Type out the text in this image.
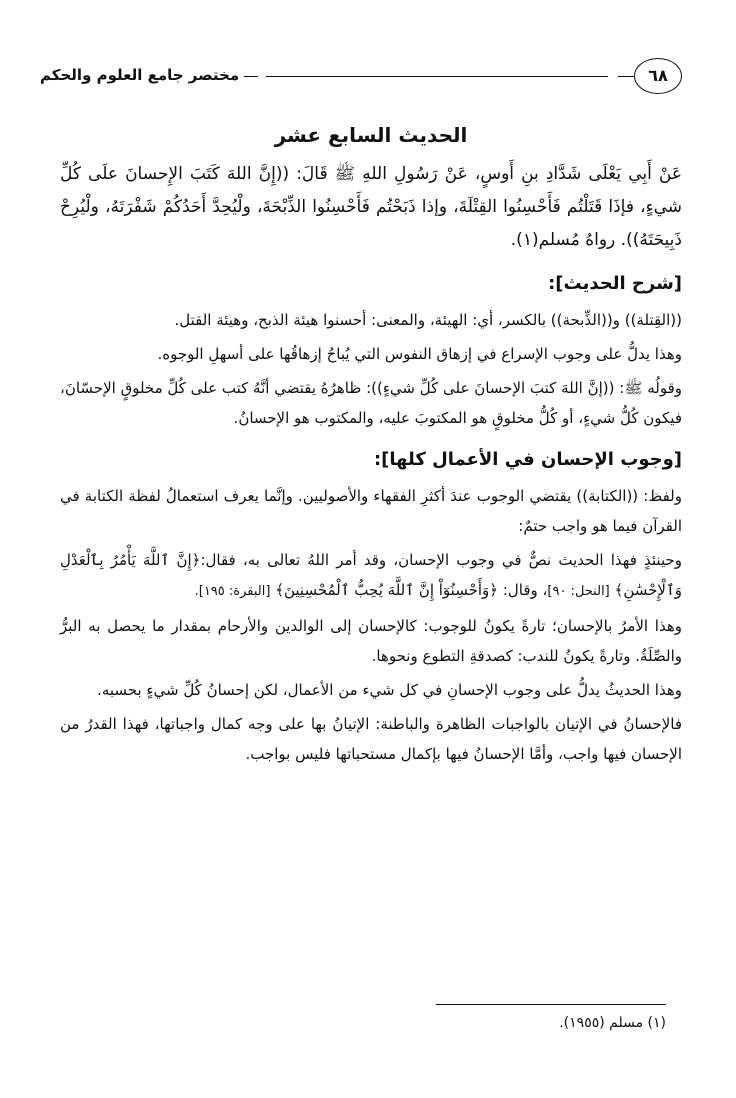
مختصر جامع العلوم والحكم	٦٨
الحديث السابع عشر

عَنْ أَبِي يَعْلَى شَدَّادِ بنِ أَوسٍ، عَنْ رَسُولِ اللهِ ﷺ قَالَ: ((إِنَّ اللهَ كَتَبَ الإِحسانَ علَى كُلِّ شيءٍ، فإذَا قَتَلْتُم فَأَحْسِنُوا القِتْلَةَ، وإذا ذَبَحْتُم فَأَحْسِنُوا الذِّبْحَةَ، ولْيُحِدَّ أَحَدُكُمْ شَفْرَتَهُ، ولْيُرِحْ ذَبِيحَتَهُ)). رواهُ مُسلم(١).

[شرح الحديث]:

((القِتلة)) و((الذِّبحة)) بالكسر، أي: الهيئة، والمعنى: أحسنوا هيئة الذبح، وهيئة القتل.

وهذا يدلُّ على وجوب الإسراع في إزهاق النفوس التي يُباحُ إزهاقُها على أسهلِ الوجوه.

وقولُه ﷺ: ((إنَّ اللهَ كتبَ الإحسانَ على كُلِّ شيءٍ)): ظاهرُهُ يقتضي أنَّهُ كتب على كُلِّ مخلوقٍ الإحسّانَ، فيكون كُلُّ شيءٍ، أو كُلُّ مخلوقٍ هو المكتوبَ عليه، والمكتوب هو الإحسانُ.

[وجوب الإحسان في الأعمال كلها]:

ولفظ: ((الكتابة)) يقتضي الوجوب عندَ أكثرِ الفقهاء والأصوليين. وإنَّما يعرف استعمالُ لفظة الكتابة في القرآن فيما هو واجب حتمٌ:

وحينئذٍ فهذا الحديث نصٌّ في وجوب الإحسان، وقد أمر اللهُ تعالى به، فقال:﴿إِنَّ ٱللَّهَ يَأْمُرُ بِٱلْعَدْلِ وَٱلْإِحْسَٰنِ﴾ [النحل: ٩٠]، وقال: ﴿وَأَحْسِنُوٓاْ إِنَّ ٱللَّهَ يُحِبُّ ٱلْمُحْسِنِينَ﴾ [البقرة: ١٩٥].

وهذا الأمرُ بالإحسان؛ تارةً يكونُ للوجوب: كالإحسان إلى الوالدين والأرحام بمقدار ما يحصل به البرُّ والصِّلَةُ. وتارةً يكونُ للندب: كصدقةِ التطوع ونحوها.

وهذا الحديثُ يدلُّ على وجوب الإحسانِ في كل شيء من الأعمال، لكن إحسانُ كُلِّ شيءٍ بحسبه.

فالإحسانُ في الإتيان بالواجبات الظاهرة والباطنة: الإتيانُ بها على وجه كمال واجباتها، فهذا القدرُ من الإحسان فيها واجب، وأمَّا الإحسانُ فيها بإكمال مستحباتها فليس بواجب.

(١) مسلم (١٩٥٥).
